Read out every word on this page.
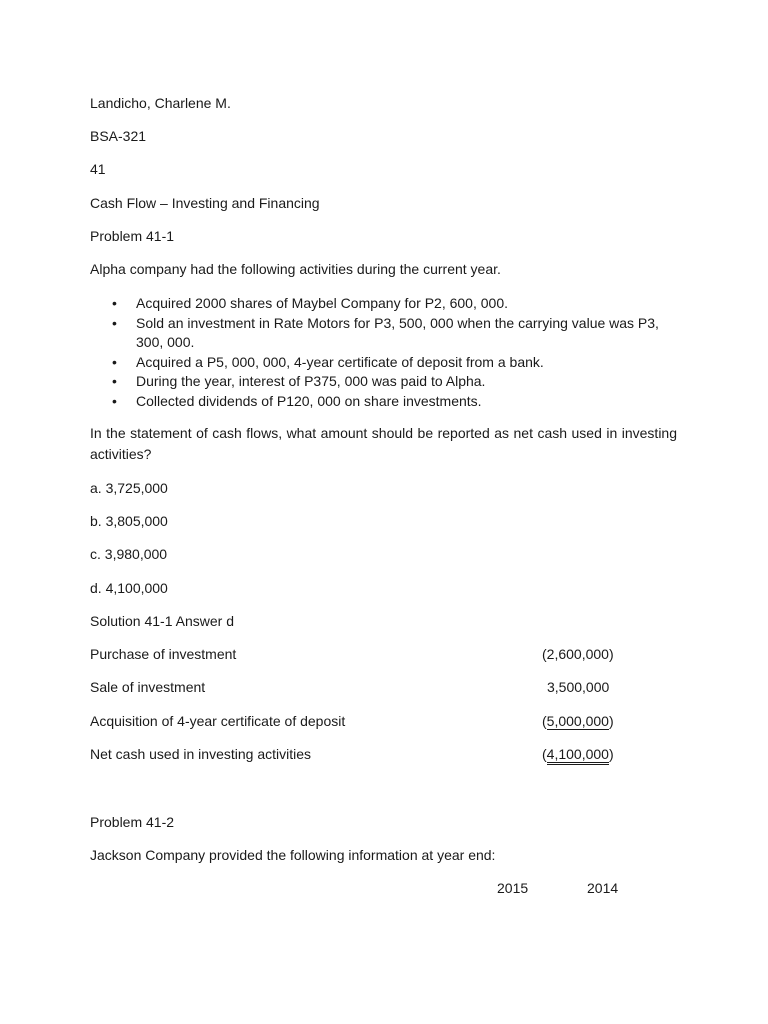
Landicho, Charlene M.
BSA-321
41
Cash Flow – Investing and Financing
Problem 41-1
Alpha company had the following activities during the current year.
• Acquired 2000 shares of Maybel Company for P2, 600, 000.
• Sold an investment in Rate Motors for P3, 500, 000 when the carrying value was P3, 300, 000.
• Acquired a P5, 000, 000, 4-year certificate of deposit from a bank.
• During the year, interest of P375, 000 was paid to Alpha.
• Collected dividends of P120, 000 on share investments.
In the statement of cash flows, what amount should be reported as net cash used in investing activities?
a. 3,725,000
b. 3,805,000
c. 3,980,000
d. 4,100,000
Solution 41-1 Answer d
Purchase of investment	(2,600,000)
Sale of investment	3,500,000
Acquisition of 4-year certificate of deposit	(5,000,000)
Net cash used in investing activities	(4,100,000)
Problem 41-2
Jackson Company provided the following information at year end:
2015	2014
